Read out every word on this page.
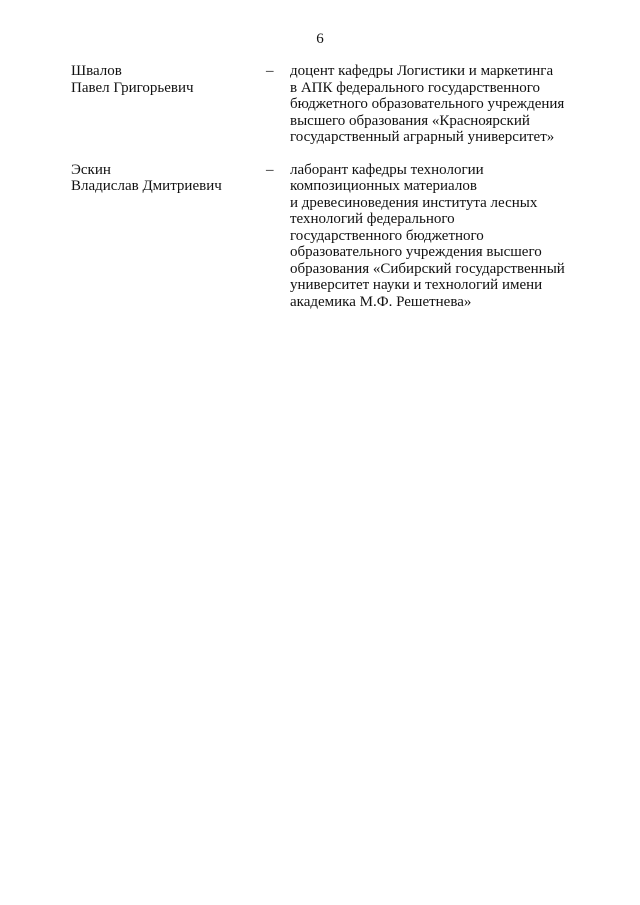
6
Швалов
Павел Григорьевич
–	доцент кафедры Логистики и маркетинга
в АПК федерального государственного
бюджетного образовательного учреждения
высшего образования «Красноярский
государственный аграрный университет»
Эскин
Владислав Дмитриевич
–	лаборант кафедры технологии
композиционных материалов
и древесиноведения института лесных
технологий федерального
государственного бюджетного
образовательного учреждения высшего
образования «Сибирский государственный
университет науки и технологий имени
академика М.Ф. Решетнева»
